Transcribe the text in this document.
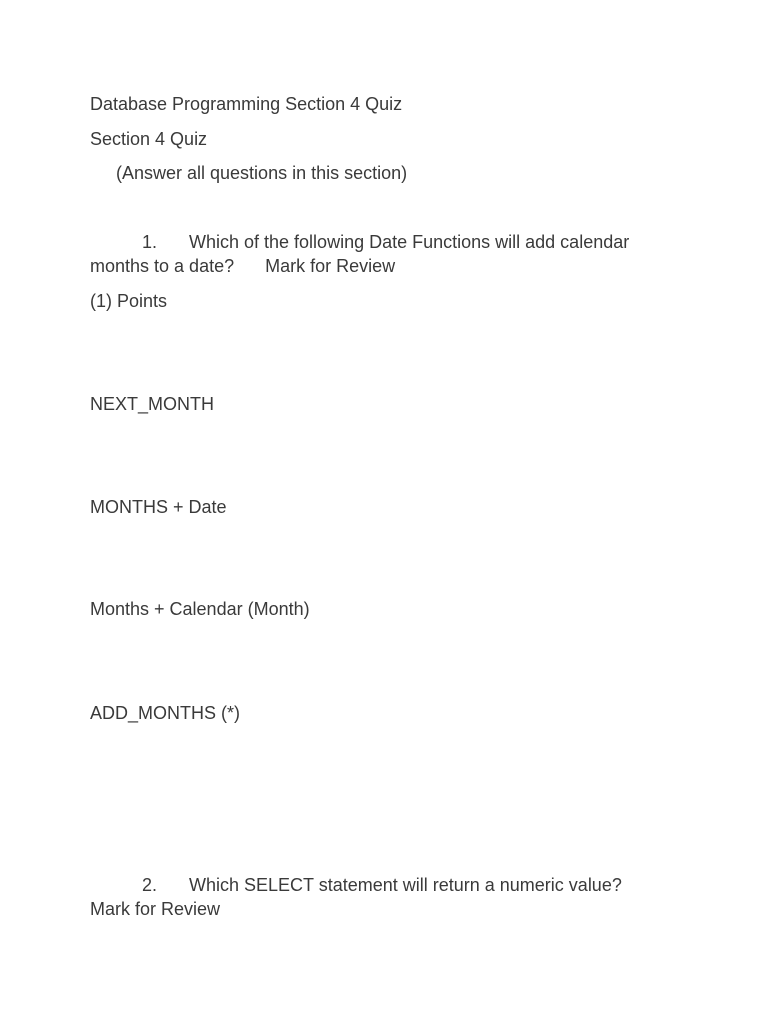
Database Programming Section 4 Quiz
Section 4 Quiz
(Answer all questions in this section)
1. Which of the following Date Functions will add calendar
months to a date? Mark for Review
(1) Points
NEXT_MONTH
MONTHS + Date
Months + Calendar (Month)
ADD_MONTHS (*)
2. Which SELECT statement will return a numeric value?
Mark for Review
